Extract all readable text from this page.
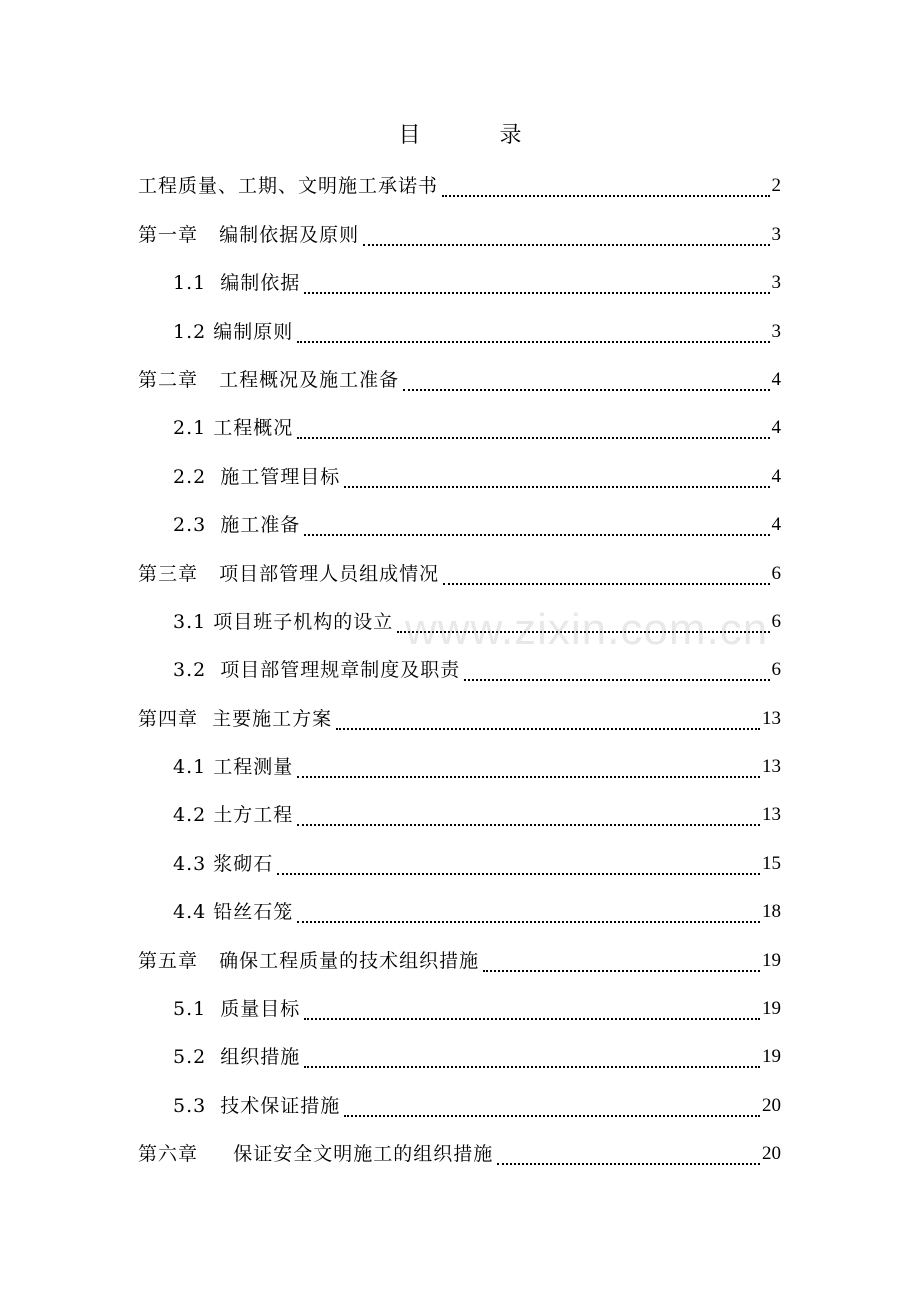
目 录
工程质量、工期、文明施工承诺书	2
第一章   编制依据及原则	3
1.1  编制依据	3
1.2 编制原则	3
第二章   工程概况及施工准备	4
2.1 工程概况	4
2.2  施工管理目标	4
2.3  施工准备	4
第三章   项目部管理人员组成情况	6
3.1 项目班子机构的设立	6
3.2  项目部管理规章制度及职责	6
第四章  主要施工方案	13
4.1 工程测量	13
4.2 土方工程	13
4.3 浆砌石	15
4.4 铅丝石笼	18
第五章   确保工程质量的技术组织措施	19
5.1  质量目标	19
5.2  组织措施	19
5.3  技术保证措施	20
第六章     保证安全文明施工的组织措施	20
www.zixin.com.cn
